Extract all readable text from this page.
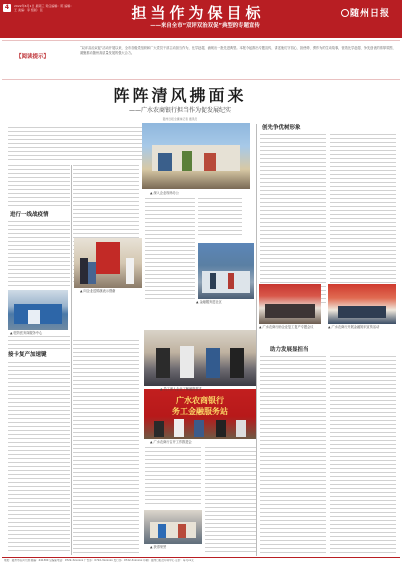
4	2022年6月1日 星期三 责任编辑：陈 编辑：王 美编：李 组版：张	担当作为保目标
——来自全市“双评双治双促”典型的专题宣传
随州日报
【阅读提示】
“双评双治双促”活动开展以来，全市各级党组织和广大党员干部主动担当作为，比学赶超，涌现出一批先进典型。本报今起推出专题宣传，讲述他们守初心、担使命、勇作为的生动故事，营造比学赶超、争先创优的浓厚氛围，凝聚推动随州高质量发展的强大合力。
阵阵清风拂面来
——广水农商银行担当作为促发展纪实
随州日报全媒体记者 通讯员
▲ 深入企业现场办公
进行一线战疫情
▲ 驻防医务岗服务中心
▲ 向企业送锦旗表示感谢
▲ 金融服务进社区
创先争优树形象
▲ 广水农商行助企业复工复产专题会议	▲ 广水农商行开展金融知识宣传活动
助力发展显担当
接卡复产加速键
广水农商银行
务工金融服务站
▲ 广水农商行召开工作推进会
▲ 员工深入企业了解融资需求
▲ 获得荣誉
地址：随州市沿河大道 邮编：441300 总编室电话：0722-3xxxxxx 广告部：0722-3xxxxxx 发行部：0722-3xxxxxx 印刷：随州日报社印务中心 定价：每月xx元
